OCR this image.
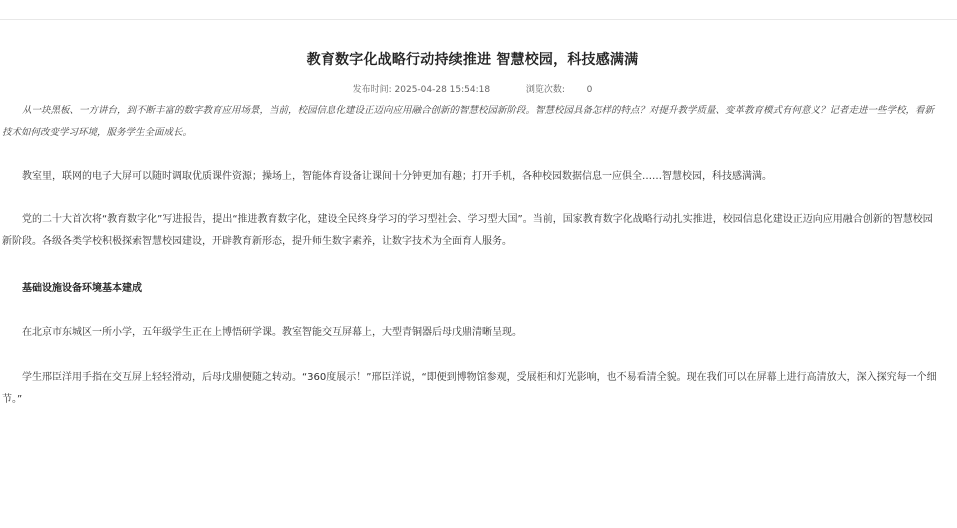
教育数字化战略行动持续推进 智慧校园，科技感满满
发布时间: 2025-04-28 15:54:18	浏览次数: 0

从一块黑板、一方讲台，到不断丰富的数字教育应用场景，当前，校园信息化建设正迈向应用融合创新的智慧校园新阶段。智慧校园具备怎样的特点？对提升教学质量、变革教育模式有何意义？记者走进一些学校，看新技术如何改变学习环境，服务学生全面成长。

教室里，联网的电子大屏可以随时调取优质课件资源；操场上，智能体育设备让课间十分钟更加有趣；打开手机，各种校园数据信息一应俱全……智慧校园，科技感满满。

党的二十大首次将“教育数字化”写进报告，提出“推进教育数字化，建设全民终身学习的学习型社会、学习型大国”。当前，国家教育数字化战略行动扎实推进，校园信息化建设正迈向应用融合创新的智慧校园新阶段。各级各类学校积极探索智慧校园建设，开辟教育新形态，提升师生数字素养，让数字技术为全面育人服务。

基础设施设备环境基本建成

在北京市东城区一所小学，五年级学生正在上博悟研学课。教室智能交互屏幕上，大型青铜器后母戊鼎清晰呈现。

学生邢臣洋用手指在交互屏上轻轻滑动，后母戊鼎便随之转动。“360度展示！”邢臣洋说，“即便到博物馆参观，受展柜和灯光影响，也不易看清全貌。现在我们可以在屏幕上进行高清放大，深入探究每一个细节。”
